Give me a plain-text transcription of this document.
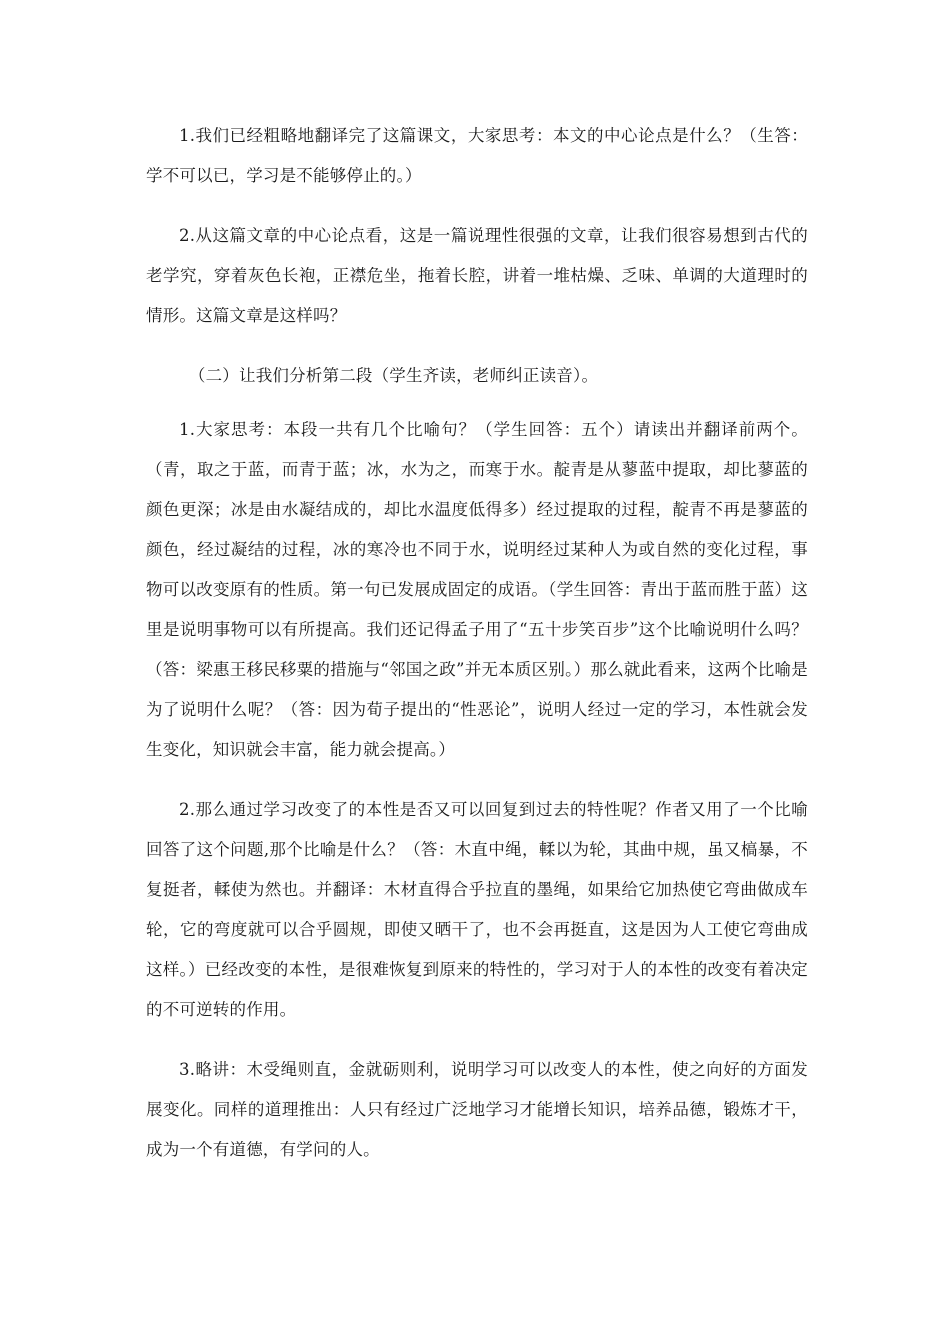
1.我们已经粗略地翻译完了这篇课文，大家思考：本文的中心论点是什么？（生答：学不可以已，学习是不能够停止的。）

2.从这篇文章的中心论点看，这是一篇说理性很强的文章，让我们很容易想到古代的老学究，穿着灰色长袍，正襟危坐，拖着长腔，讲着一堆枯燥、乏味、单调的大道理时的情形。这篇文章是这样吗？

（二）让我们分析第二段（学生齐读，老师纠正读音）。

1.大家思考：本段一共有几个比喻句？（学生回答：五个）请读出并翻译前两个。（青，取之于蓝，而青于蓝；冰，水为之，而寒于水。靛青是从蓼蓝中提取，却比蓼蓝的颜色更深；冰是由水凝结成的，却比水温度低得多）经过提取的过程，靛青不再是蓼蓝的颜色，经过凝结的过程，冰的寒冷也不同于水，说明经过某种人为或自然的变化过程，事物可以改变原有的性质。第一句已发展成固定的成语。（学生回答：青出于蓝而胜于蓝）这里是说明事物可以有所提高。我们还记得孟子用了“五十步笑百步”这个比喻说明什么吗？（答：梁惠王移民移粟的措施与“邻国之政”并无本质区别。）那么就此看来，这两个比喻是为了说明什么呢？（答：因为荀子提出的“性恶论”，说明人经过一定的学习，本性就会发生变化，知识就会丰富，能力就会提高。）

2.那么通过学习改变了的本性是否又可以回复到过去的特性呢？作者又用了一个比喻回答了这个问题,那个比喻是什么？（答：木直中绳，輮以为轮，其曲中规，虽又槁暴，不复挺者，輮使为然也。并翻译：木材直得合乎拉直的墨绳，如果给它加热使它弯曲做成车轮，它的弯度就可以合乎圆规，即使又晒干了，也不会再挺直，这是因为人工使它弯曲成这样。）已经改变的本性，是很难恢复到原来的特性的，学习对于人的本性的改变有着决定的不可逆转的作用。

3.略讲：木受绳则直，金就砺则利，说明学习可以改变人的本性，使之向好的方面发展变化。同样的道理推出：人只有经过广泛地学习才能增长知识，培养品德，锻炼才干，成为一个有道德，有学问的人。
